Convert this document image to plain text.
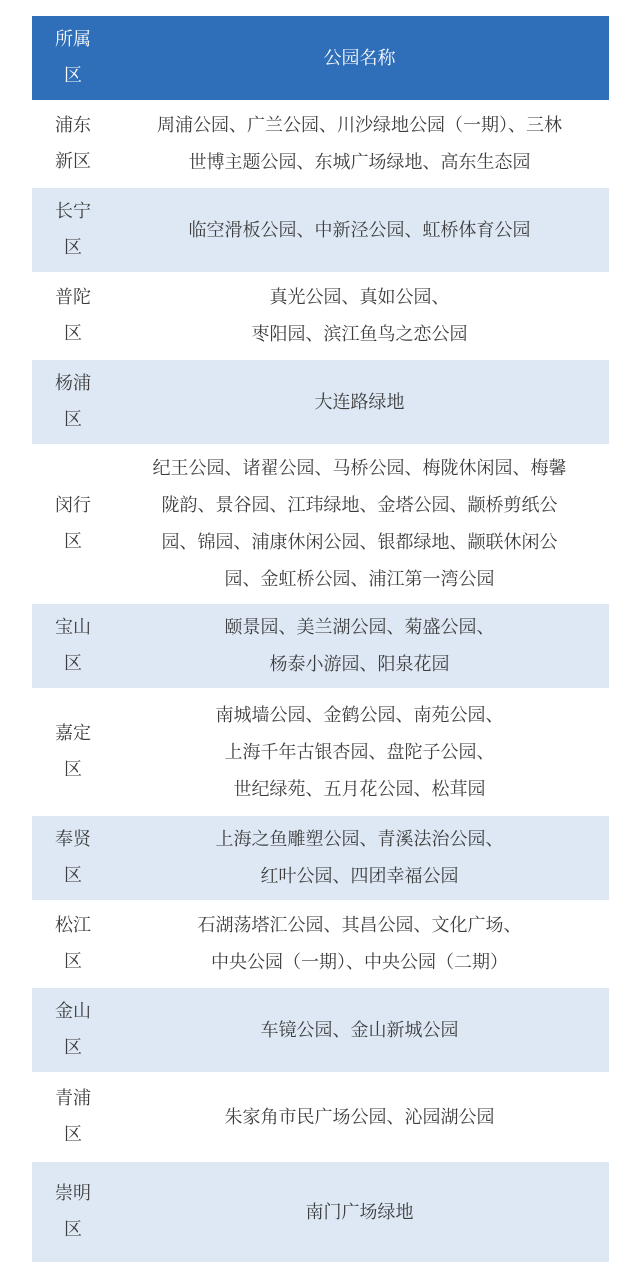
所属区
公园名称
浦东新区
周浦公园、广兰公园、川沙绿地公园（一期）、三林
世博主题公园、东城广场绿地、高东生态园
长宁区
临空滑板公园、中新泾公园、虹桥体育公园
普陀区
真光公园、真如公园、
枣阳园、滨江鱼鸟之恋公园
杨浦区
大连路绿地
闵行区
纪王公园、诸翟公园、马桥公园、梅陇休闲园、梅馨
陇韵、景谷园、江玮绿地、金塔公园、颛桥剪纸公
园、锦园、浦康休闲公园、银都绿地、颛联休闲公
园、金虹桥公园、浦江第一湾公园
宝山区
颐景园、美兰湖公园、菊盛公园、
杨泰小游园、阳泉花园
嘉定区
南城墙公园、金鹤公园、南苑公园、
上海千年古银杏园、盘陀子公园、
世纪绿苑、五月花公园、松茸园
奉贤区
上海之鱼雕塑公园、青溪法治公园、
红叶公园、四团幸福公园
松江区
石湖荡塔汇公园、其昌公园、文化广场、
中央公园（一期）、中央公园（二期）
金山区
车镜公园、金山新城公园
青浦区
朱家角市民广场公园、沁园湖公园
崇明区
南门广场绿地
